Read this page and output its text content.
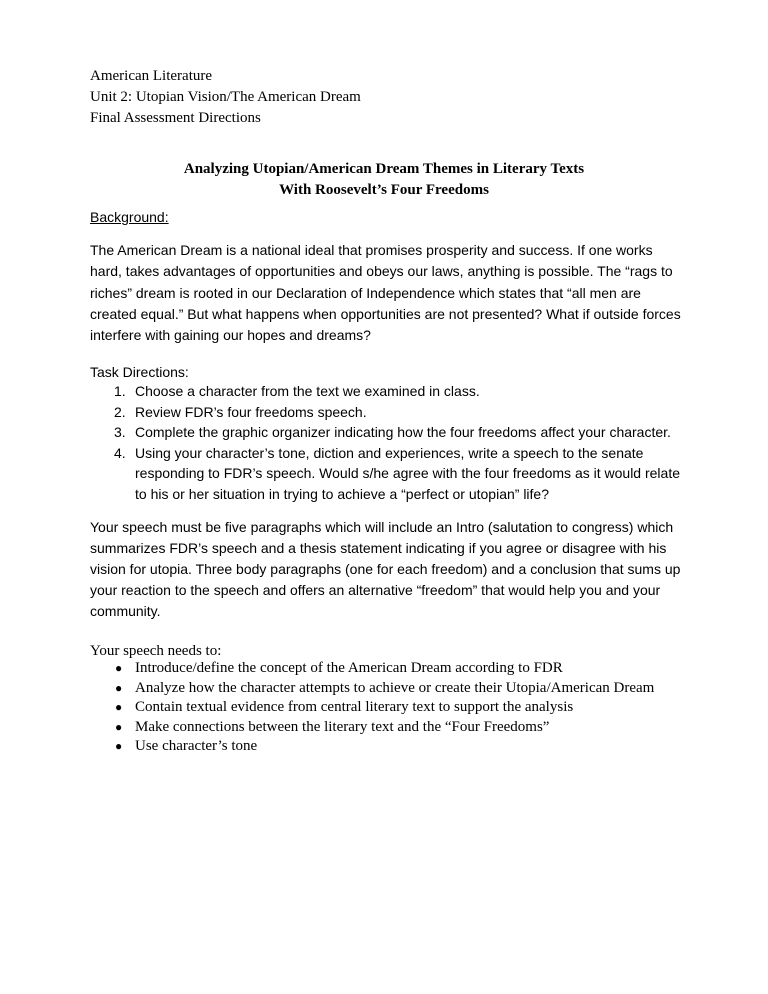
American Literature
Unit 2: Utopian Vision/The American Dream
Final Assessment Directions
Analyzing Utopian/American Dream Themes in Literary Texts
With Roosevelt’s Four Freedoms
Background:

The American Dream is a national ideal that promises prosperity and success. If one works hard, takes advantages of opportunities and obeys our laws, anything is possible. The “rags to riches” dream is rooted in our Declaration of Independence which states that “all men are created equal.” But what happens when opportunities are not presented? What if outside forces interfere with gaining our hopes and dreams?

Task Directions:
1. Choose a character from the text we examined in class.
2. Review FDR’s four freedoms speech.
3. Complete the graphic organizer indicating how the four freedoms affect your character.
4. Using your character’s tone, diction and experiences, write a speech to the senate responding to FDR’s speech. Would s/he agree with the four freedoms as it would relate to his or her situation in trying to achieve a “perfect or utopian” life?

Your speech must be five paragraphs which will include an Intro (salutation to congress) which summarizes FDR’s speech and a thesis statement indicating if you agree or disagree with his vision for utopia. Three body paragraphs (one for each freedom) and a conclusion that sums up your reaction to the speech and offers an alternative “freedom” that would help you and your community.

Your speech needs to:
● Introduce/define the concept of the American Dream according to FDR
● Analyze how the character attempts to achieve or create their Utopia/American Dream
● Contain textual evidence from central literary text to support the analysis
● Make connections between the literary text and the “Four Freedoms”
● Use character’s tone
